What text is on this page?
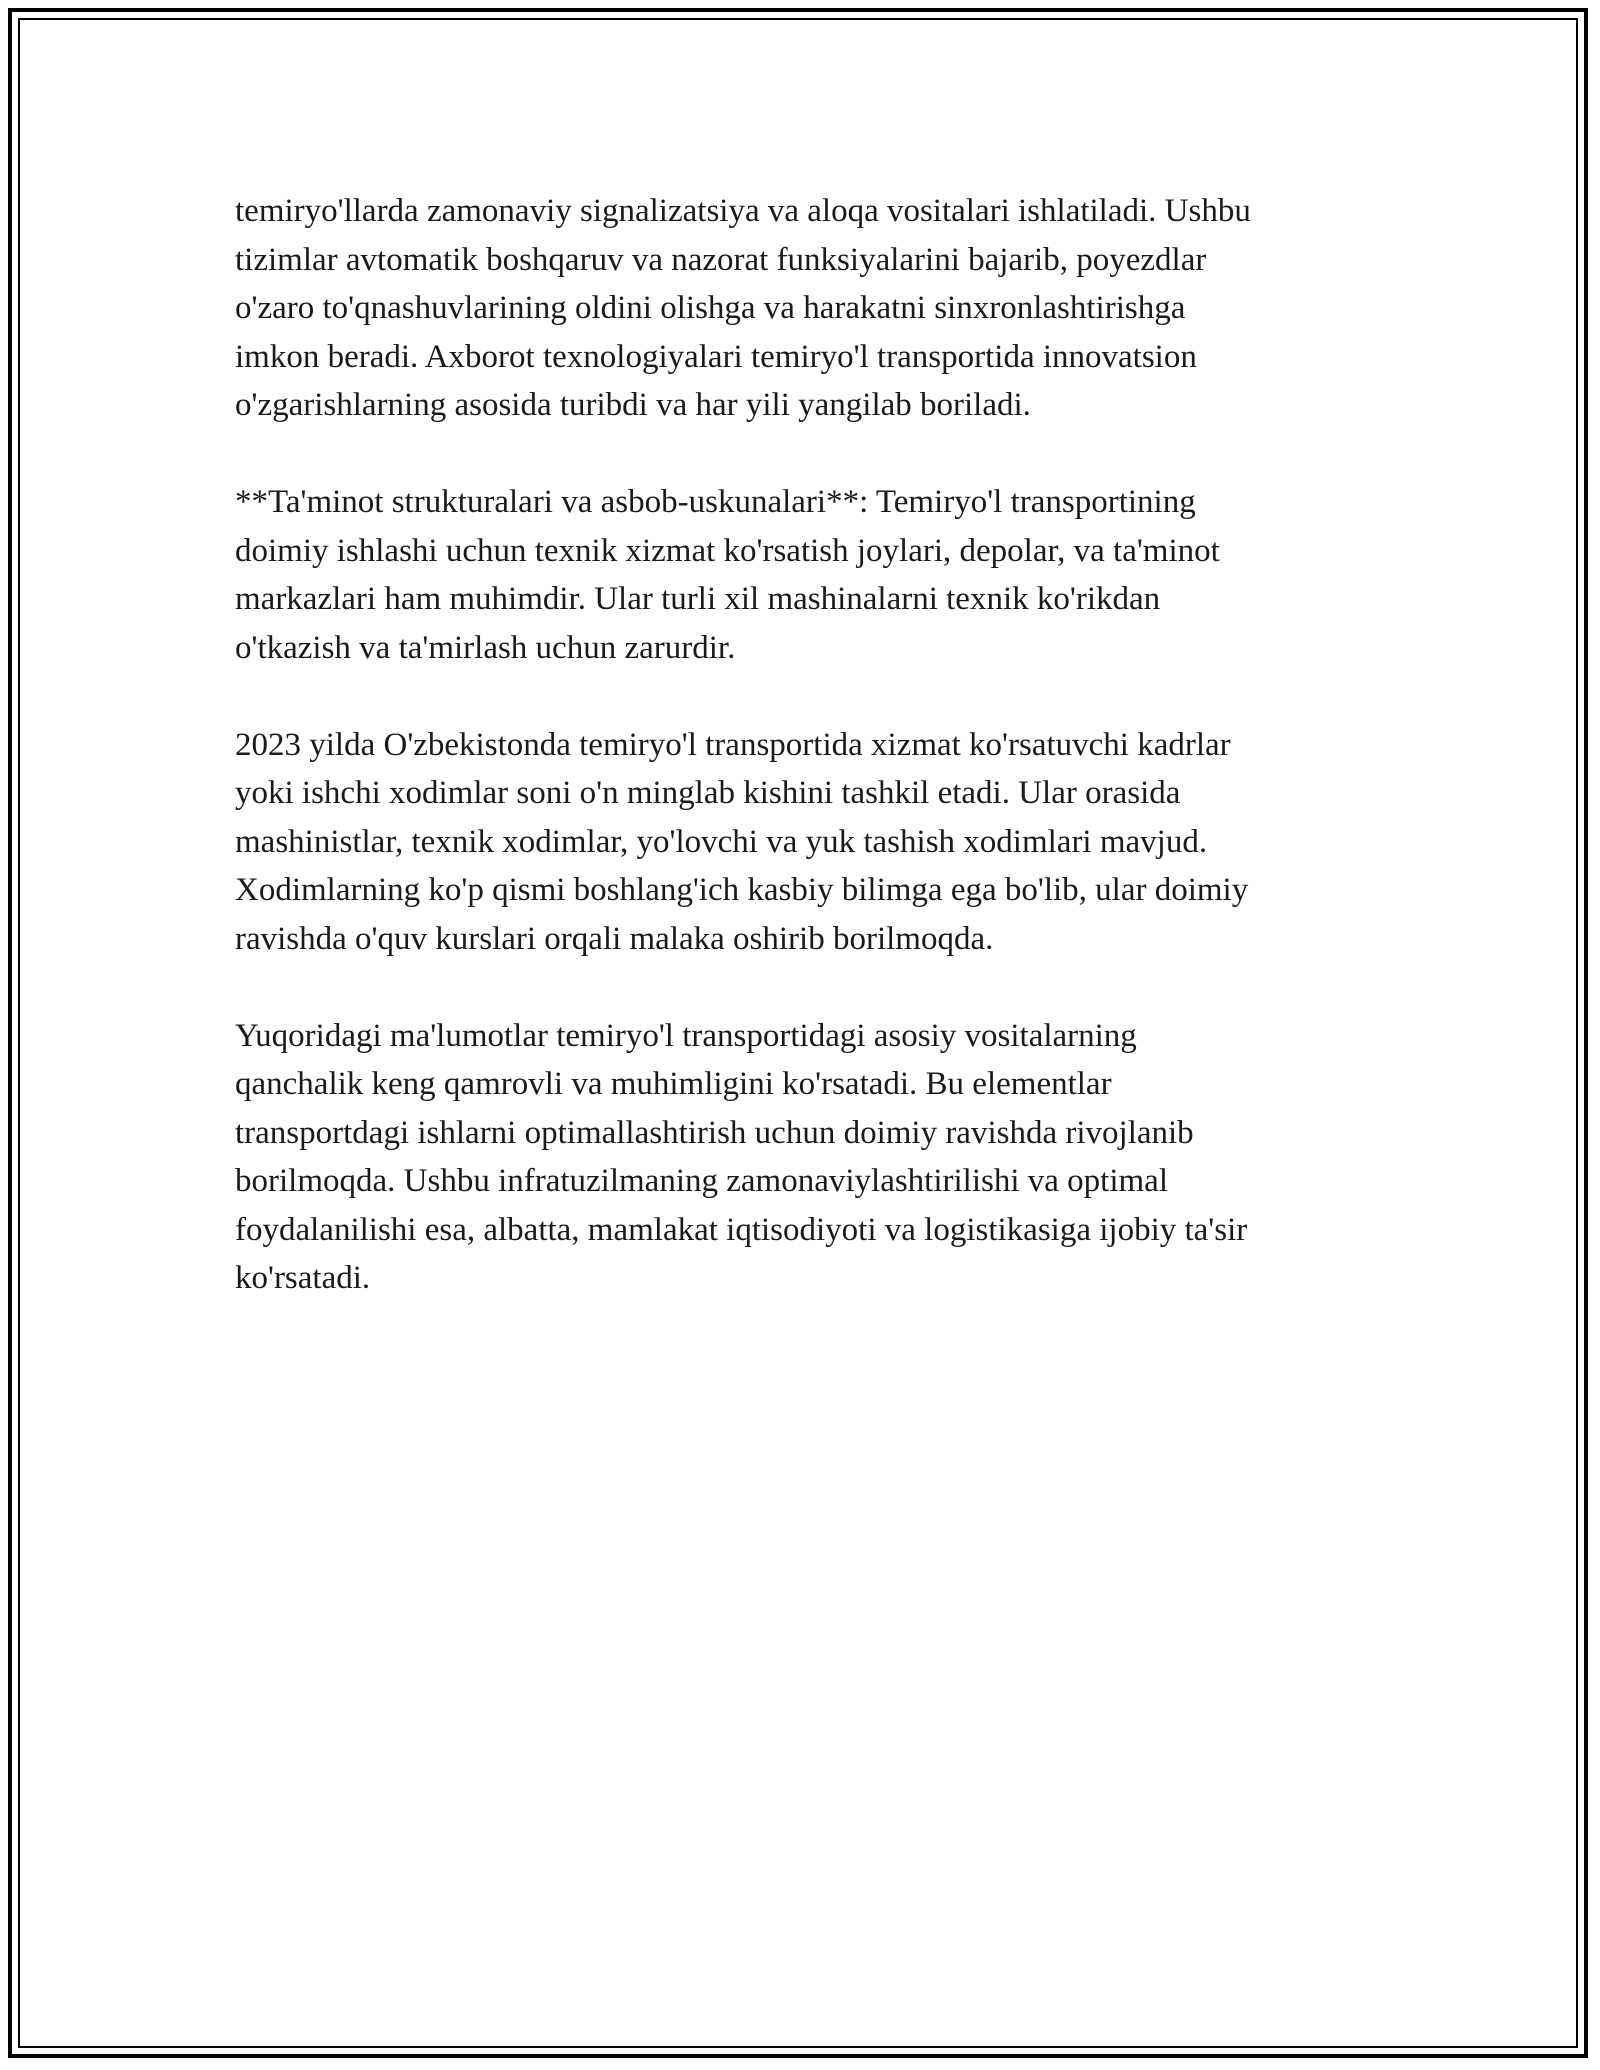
temiryo'llarda zamonaviy signalizatsiya va aloqa vositalari ishlatiladi. Ushbu
tizimlar avtomatik boshqaruv va nazorat funksiyalarini bajarib, poyezdlar
o'zaro to'qnashuvlarining oldini olishga va harakatni sinxronlashtirishga
imkon beradi. Axborot texnologiyalari temiryo'l transportida innovatsion
o'zgarishlarning asosida turibdi va har yili yangilab boriladi.

**Ta'minot strukturalari va asbob-uskunalari**: Temiryo'l transportining
doimiy ishlashi uchun texnik xizmat ko'rsatish joylari, depolar, va ta'minot
markazlari ham muhimdir. Ular turli xil mashinalarni texnik ko'rikdan
o'tkazish va ta'mirlash uchun zarurdir.

2023 yilda O'zbekistonda temiryo'l transportida xizmat ko'rsatuvchi kadrlar
yoki ishchi xodimlar soni o'n minglab kishini tashkil etadi. Ular orasida
mashinistlar, texnik xodimlar, yo'lovchi va yuk tashish xodimlari mavjud.
Xodimlarning ko'p qismi boshlang'ich kasbiy bilimga ega bo'lib, ular doimiy
ravishda o'quv kurslari orqali malaka oshirib borilmoqda.

Yuqoridagi ma'lumotlar temiryo'l transportidagi asosiy vositalarning
qanchalik keng qamrovli va muhimligini ko'rsatadi. Bu elementlar
transportdagi ishlarni optimallashtirish uchun doimiy ravishda rivojlanib
borilmoqda. Ushbu infratuzilmaning zamonaviylashtirilishi va optimal
foydalanilishi esa, albatta, mamlakat iqtisodiyoti va logistikasiga ijobiy ta'sir
ko'rsatadi.
